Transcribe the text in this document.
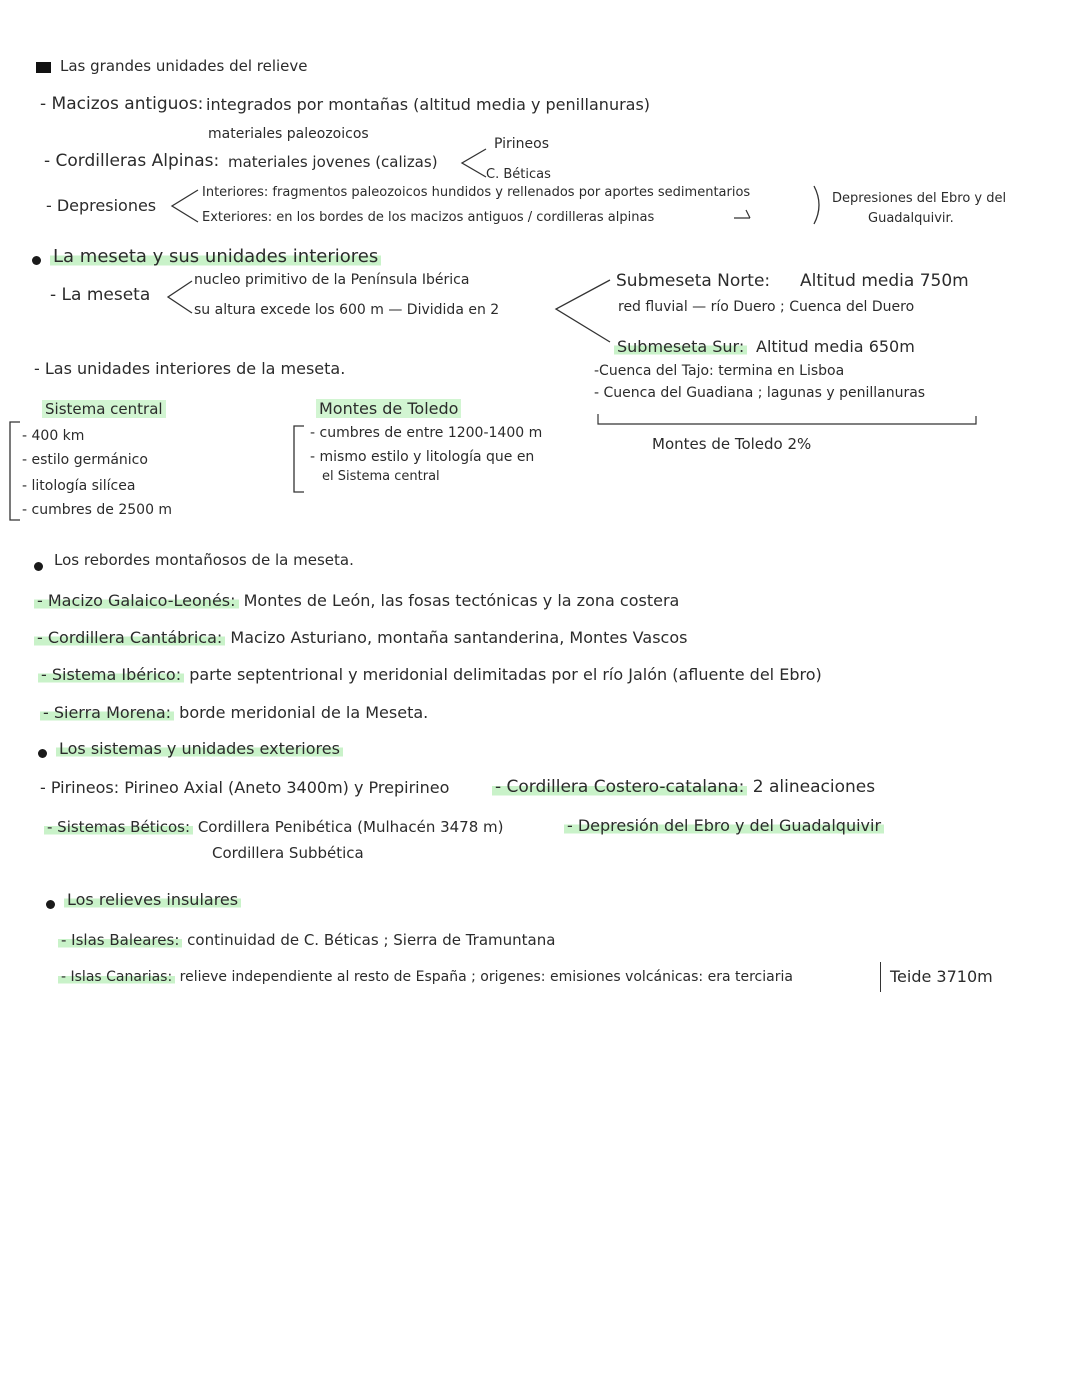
Las grandes unidades del relieve
- Macizos antiguos: integrados por montañas (altitud media y penillanuras)
materiales paleozoicos
Pirineos
- Cordilleras Alpinas: materiales jovenes (calizas)
C. Béticas
- Depresiones
Interiores: fragmentos paleozoicos hundidos y rellenados por aportes sedimentarios
Exteriores: en los bordes de los macizos antiguos / cordilleras alpinas
Depresiones del Ebro y del
Guadalquivir.
La meseta y sus unidades interiores
- La meseta
nucleo primitivo de la Península Ibérica
su altura excede los 600 m — Dividida en 2
Submeseta Norte: Altitud media 750m
red fluvial — río Duero ; Cuenca del Duero
Submeseta Sur: Altitud media 650m
-Cuenca del Tajo: termina en Lisboa
- Cuenca del Guadiana ; lagunas y penillanuras
Montes de Toledo 2%
- Las unidades interiores de la meseta.
Sistema central
- 400 km
- estilo germánico
- litología silícea
- cumbres de 2500 m
Montes de Toledo
- cumbres de entre 1200-1400 m
- mismo estilo y litología que en
el Sistema central
Los rebordes montañosos de la meseta.
- Macizo Galaico-Leonés: Montes de León, las fosas tectónicas y la zona costera
- Cordillera Cantábrica: Macizo Asturiano, montaña santanderina, Montes Vascos
- Sistema Ibérico: parte septentrional y meridonial delimitadas por el río Jalón (afluente del Ebro)
- Sierra Morena: borde meridonial de la Meseta.
Los sistemas y unidades exteriores
- Pirineos: Pirineo Axial (Aneto 3400m) y Prepirineo	- Cordillera Costero-catalana: 2 alineaciones
- Sistemas Béticos: Cordillera Penibética (Mulhacén 3478 m)	- Depresión del Ebro y del Guadalquivir
Cordillera Subbética
Los relieves insulares
- Islas Baleares: continuidad de C. Béticas ; Sierra de Tramuntana
- Islas Canarias: relieve independiente al resto de España ; origenes: emisiones volcánicas: era terciaria	Teide 3710m
